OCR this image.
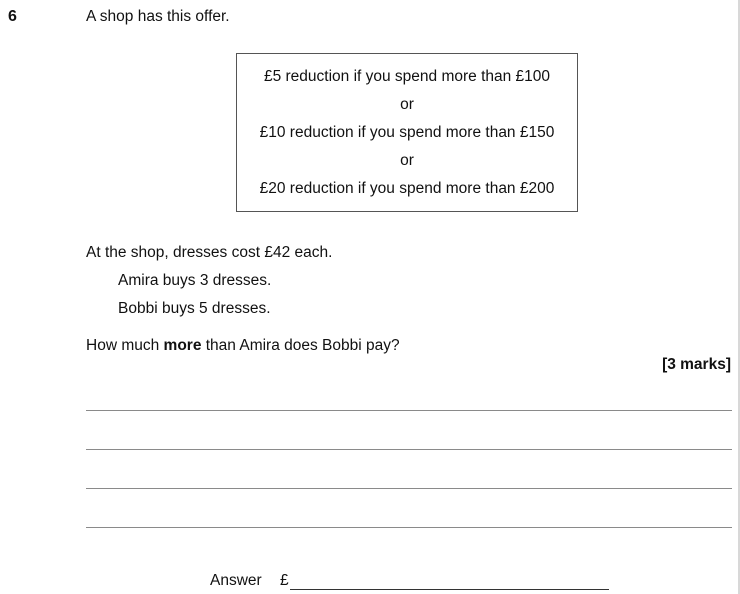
6	A shop has this offer.
£5 reduction if you spend more than £100
or
£10 reduction if you spend more than £150
or
£20 reduction if you spend more than £200
At the shop, dresses cost £42 each.
Amira buys 3 dresses.
Bobbi buys 5 dresses.
How much more than Amira does Bobbi pay?
[3 marks]
Answer £
